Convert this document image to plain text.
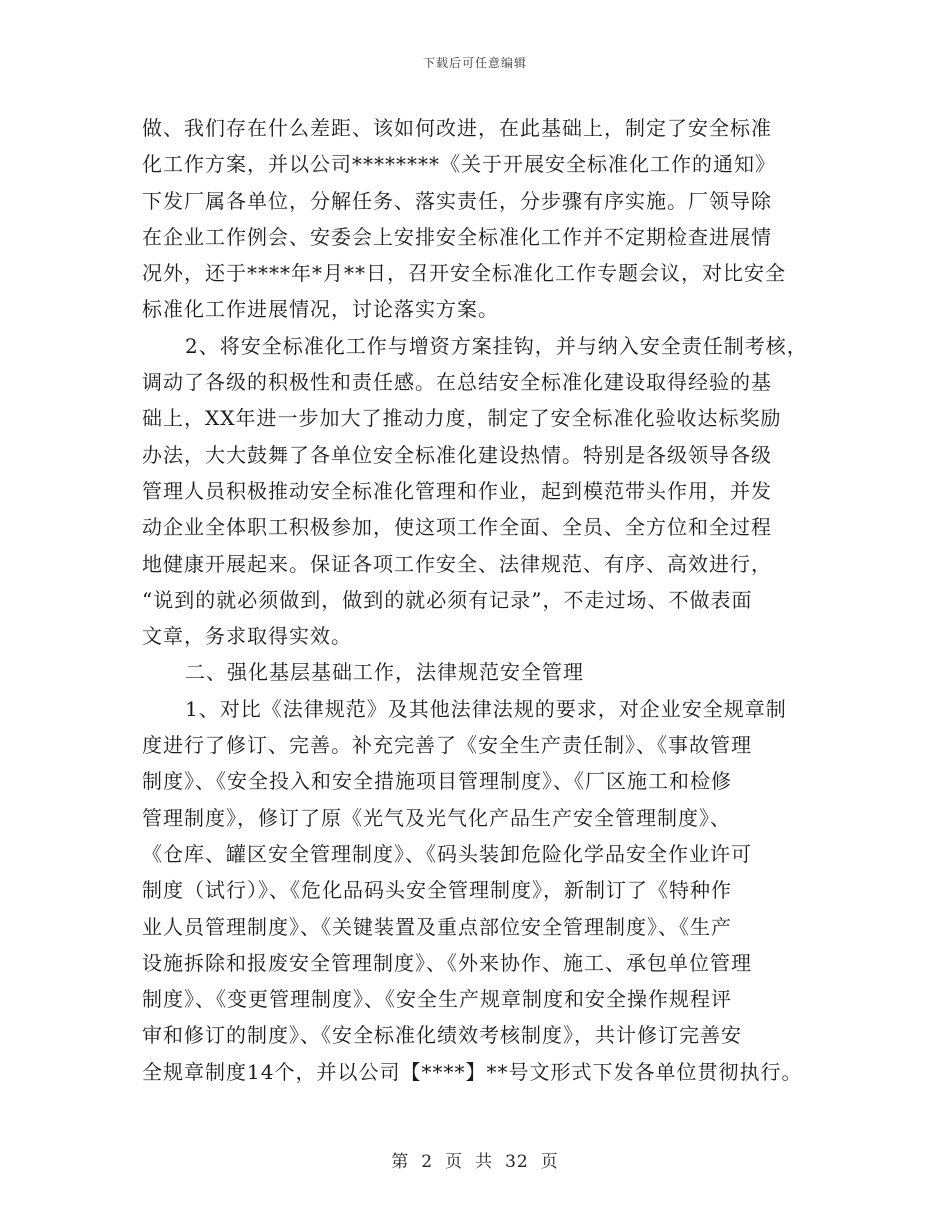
下载后可任意编辑
做、我们存在什么差距、该如何改进，在此基础上，制定了安全标准
化工作方案，并以公司********《关于开展安全标准化工作的通知》
下发厂属各单位，分解任务、落实责任，分步骤有序实施。厂领导除
在企业工作例会、安委会上安排安全标准化工作并不定期检查进展情
况外，还于****年*月**日，召开安全标准化工作专题会议，对比安全
标准化工作进展情况，讨论落实方案。
2、将安全标准化工作与增资方案挂钩，并与纳入安全责任制考核，
调动了各级的积极性和责任感。在总结安全标准化建设取得经验的基
础上，XX年进一步加大了推动力度，制定了安全标准化验收达标奖励
办法，大大鼓舞了各单位安全标准化建设热情。特别是各级领导各级
管理人员积极推动安全标准化管理和作业，起到模范带头作用，并发
动企业全体职工积极参加，使这项工作全面、全员、全方位和全过程
地健康开展起来。保证各项工作安全、法律规范、有序、高效进行，
“说到的就必须做到，做到的就必须有记录”，不走过场、不做表面
文章，务求取得实效。
二、强化基层基础工作，法律规范安全管理
1、对比《法律规范》及其他法律法规的要求，对企业安全规章制
度进行了修订、完善。补充完善了《安全生产责任制》、《事故管理
制度》、《安全投入和安全措施项目管理制度》、《厂区施工和检修
管理制度》，修订了原《光气及光气化产品生产安全管理制度》、
《仓库、罐区安全管理制度》、《码头装卸危险化学品安全作业许可
制度（试行）》、《危化品码头安全管理制度》，新制订了《特种作
业人员管理制度》、《关键装置及重点部位安全管理制度》、《生产
设施拆除和报废安全管理制度》、《外来协作、施工、承包单位管理
制度》、《变更管理制度》、《安全生产规章制度和安全操作规程评
审和修订的制度》、《安全标准化绩效考核制度》，共计修订完善安
全规章制度14个，并以公司【****】**号文形式下发各单位贯彻执行。
第 2 页 共 32 页
